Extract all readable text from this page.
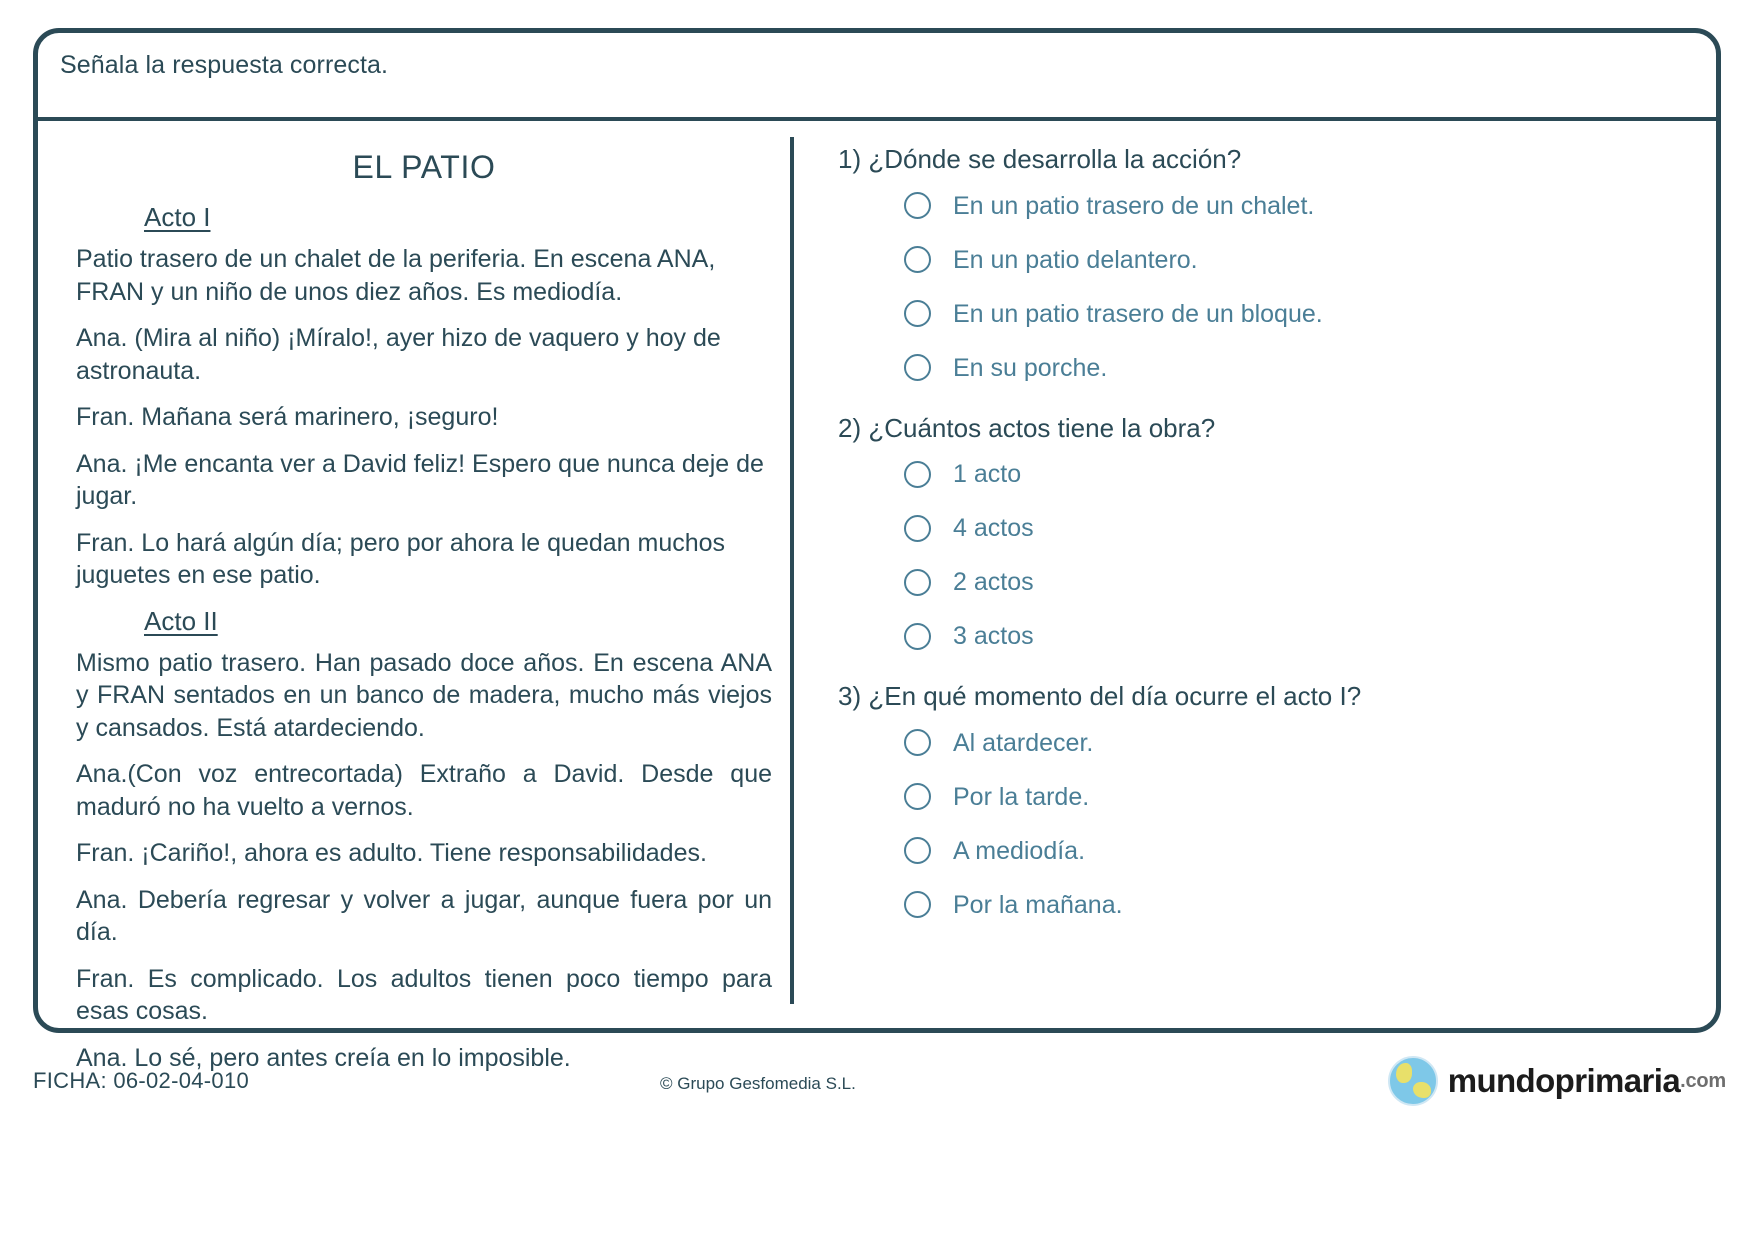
Señala la respuesta correcta.
EL PATIO
Acto I

Patio trasero de un chalet de la periferia. En escena ANA, FRAN y un niño de unos diez años. Es mediodía.

Ana. (Mira al niño) ¡Míralo!, ayer hizo de vaquero y hoy de astronauta.

Fran. Mañana será marinero, ¡seguro!

Ana. ¡Me encanta ver a David feliz! Espero que nunca deje de jugar.

Fran. Lo hará algún día; pero por ahora le quedan muchos juguetes en ese patio.

Acto II

Mismo patio trasero. Han pasado doce años. En escena ANA y FRAN sentados en un banco de madera, mucho más viejos y cansados. Está atardeciendo.

Ana.(Con voz entrecortada) Extraño a David. Desde que maduró no ha vuelto a vernos.

Fran. ¡Cariño!, ahora es adulto. Tiene responsabilidades.

Ana. Debería regresar y volver a jugar, aunque fuera por un día.

Fran. Es complicado. Los adultos tienen poco tiempo para esas cosas.

Ana. Lo sé, pero antes creía en lo imposible.

1) ¿Dónde se desarrolla la acción?
En un patio trasero de un chalet.
En un patio delantero.
En un patio trasero de un bloque.
En su porche.
2) ¿Cuántos actos tiene la obra?
1 acto
4 actos
2 actos
3 actos
3) ¿En qué momento del día ocurre el acto I?
Al atardecer.
Por la tarde.
A mediodía.
Por la mañana.
FICHA: 06-02-04-010	© Grupo Gesfomedia S.L.	mundoprimaria .com
